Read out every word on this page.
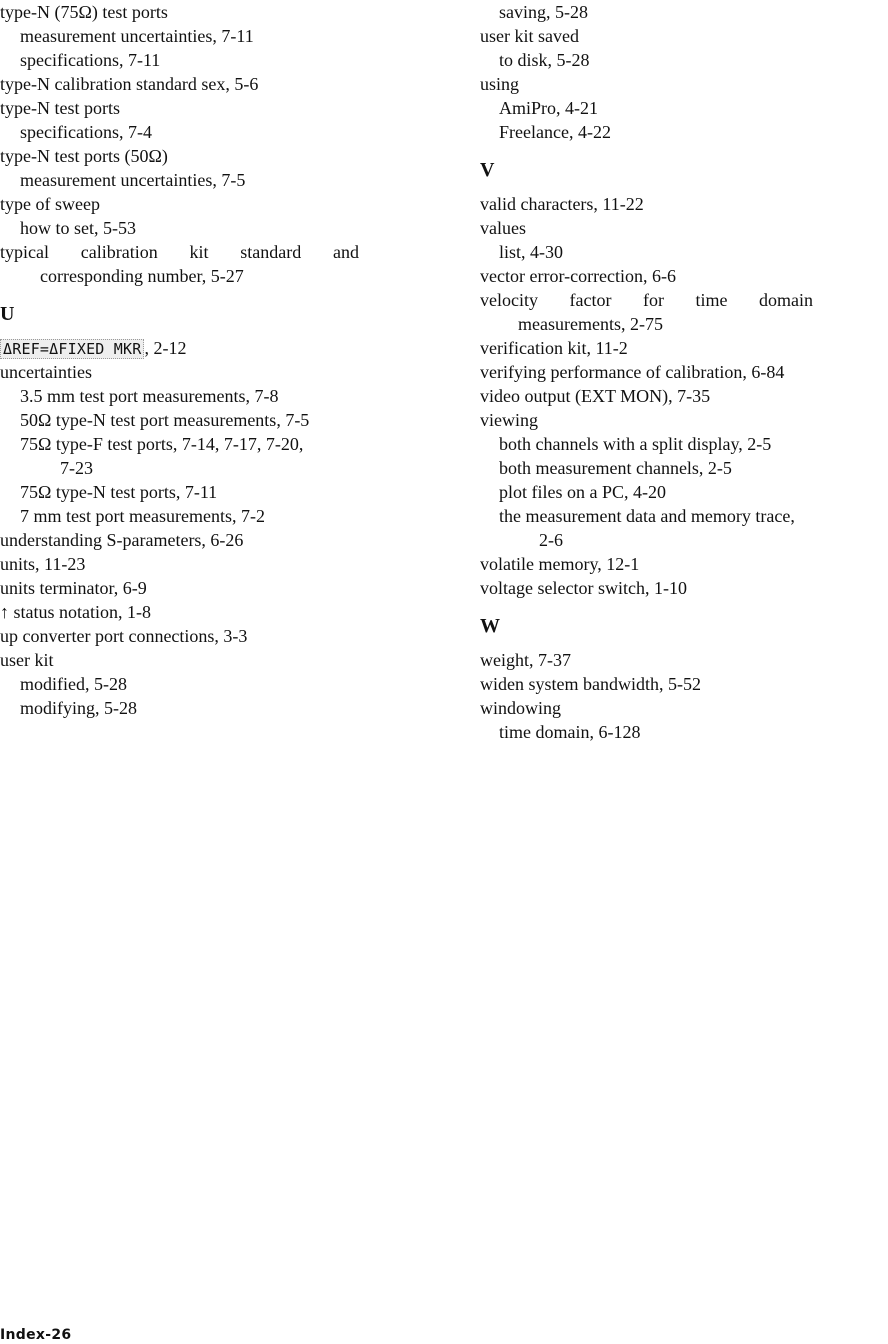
type-N (75Ω) test ports
measurement uncertainties, 7-11
specifications, 7-11
type-N calibration standard sex, 5-6
type-N test ports
specifications, 7-4
type-N test ports (50Ω)
measurement uncertainties, 7-5
type of sweep
how to set, 5-53
typical calibration kit standard and
corresponding number, 5-27
U
ΔREF=ΔFIXED MKR , 2-12
uncertainties
3.5 mm test port measurements, 7-8
50Ω type-N test port measurements, 7-5
75Ω type-F test ports, 7-14, 7-17, 7-20,
7-23
75Ω type-N test ports, 7-11
7 mm test port measurements, 7-2
understanding S-parameters, 6-26
units, 11-23
units terminator, 6-9
↑ status notation, 1-8
up converter port connections, 3-3
user kit
modified, 5-28
modifying, 5-28
saving, 5-28
user kit saved
to disk, 5-28
using
AmiPro, 4-21
Freelance, 4-22
V
valid characters, 11-22
values
list, 4-30
vector error-correction, 6-6
velocity factor for time domain
measurements, 2-75
verification kit, 11-2
verifying performance of calibration, 6-84
video output (EXT MON), 7-35
viewing
both channels with a split display, 2-5
both measurement channels, 2-5
plot files on a PC, 4-20
the measurement data and memory trace,
2-6
volatile memory, 12-1
voltage selector switch, 1-10
W
weight, 7-37
widen system bandwidth, 5-52
windowing
time domain, 6-128
Index-26
